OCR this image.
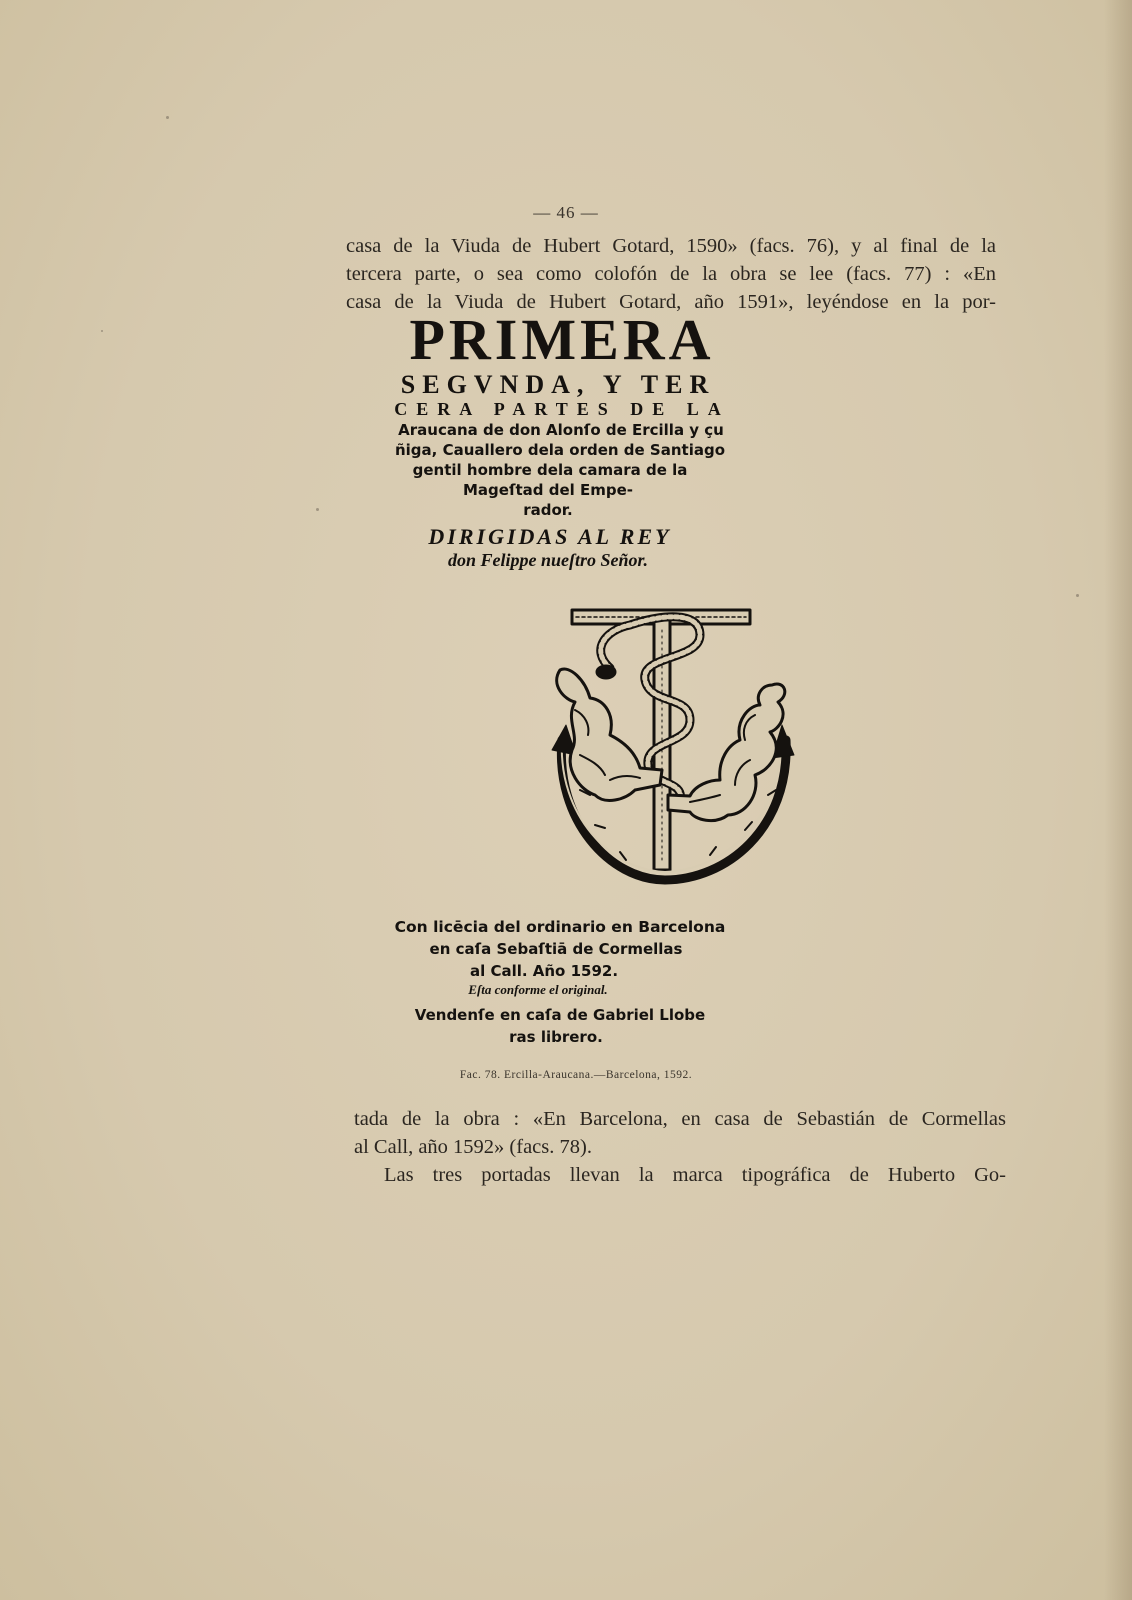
— 46 —
casa de la Viuda de Hubert Gotard, 1590» (facs. 76), y al final de la
tercera parte, o sea como colofón de la obra se lee (facs. 77) : «En
casa de la Viuda de Hubert Gotard, año 1591», leyéndose en la por-
PRIMERA
SEGVNDA, Y TER
CERA PARTES DE LA
Araucana de don Alonſo de Ercilla y çu
ñiga, Cauallero dela orden de Santiago
gentil hombre dela camara de la
Mageſtad del Empe-
rador.
DIRIGIDAS AL REY
don Felippe nueſtro Señor.
Con licēcia del ordinario en Barcelona
en caſa Sebaſtiā de Cormellas
al Call. Año 1592.
Eſta conforme el original.
Vendenſe en caſa de Gabriel Llobe
ras librero.
Fac. 78. Ercilla-Araucana.—Barcelona, 1592.
tada de la obra : «En Barcelona, en casa de Sebastián de Cormellas
al Call, año 1592» (facs. 78).
Las tres portadas llevan la marca tipográfica de Huberto Go-
